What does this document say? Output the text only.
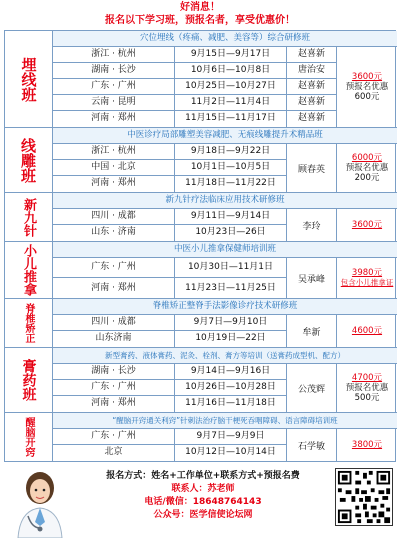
好消息！
报名以下学习班，预报名者，享受优惠价！
埋线班
穴位埋线（疼痛、减肥、美容等）综合研修班
浙江 · 杭州	9月15日—9月17日	赵喜新
湖南 · 长沙	10月6日—10月8日	唐治安
广东 · 广州	10月25日—10月27日	赵喜新
云南 · 昆明	11月2日—11月4日	赵喜新
河南 · 郑州	11月15日—11月17日	赵喜新
3600元
预报名优惠
600元
线雕班
中医诊疗局部雕塑美容减肥、无痕线雕提升术精品班
浙江 · 杭州	9月18日—9月22日
中国 · 北京	10月1日—10月5日
河南 · 郑州	11月18日—11月22日
顾春英
6000元
预报名优惠
200元
新九针	新九针疗法临床应用技术研修班
四川 · 成都	9月11日—9月14日
山东 · 济南	10月23日—26日
李玲	3600元
小儿推拿	中医小儿推拿保健师培训班
广东 · 广州	10月30日—11月1日
河南 · 郑州	11月23日—11月25日
吴承峰
3980元
包含小儿推拿证
脊椎矫正	脊椎矫正整脊手法影像诊疗技术研修班
四川 · 成都	9月7日—9月10日
山东济南	10月19日—22日
牟新	4600元
膏药班
新型膏药、液体膏药、泥灸、栓剂、膏方等培训（送膏药成型机、配方）
湖南 · 长沙	9月14日—9月16日
广东 · 广州	10月26日—10月28日
河南 · 郑州	11月16日—11月18日
公茂辉
4700元
预报名优惠
500元
醒脑开窍	“醒脑开窍通关利窍”针刺法治疗脑干梗死吞咽障碍、语言障碍培训班
广东 · 广州	9月7日—9月9日
北京	10月12日—10月14日
石学敏	3800元
报名方式：姓名+工作单位+联系方式+预报名费
联系人：苏老师
电话/微信：18648764143
公众号：医学信使论坛网
